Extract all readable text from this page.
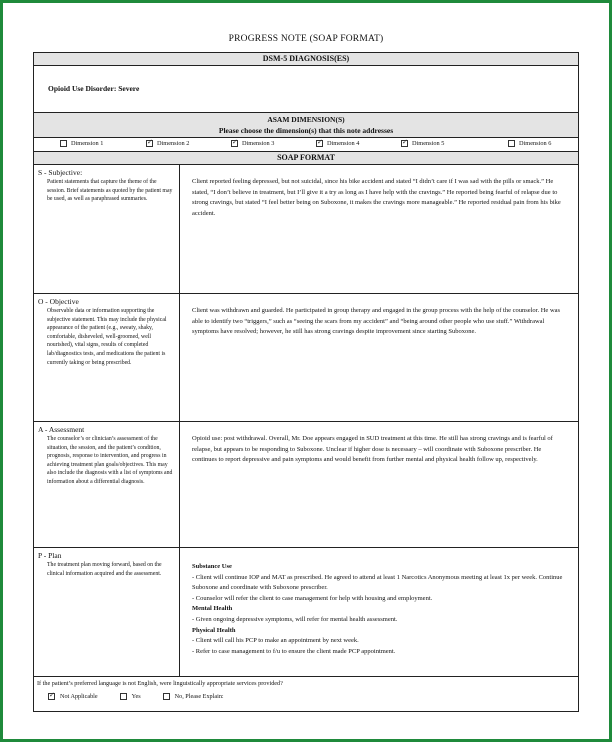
PROGRESS NOTE (SOAP FORMAT)
DSM-5 DIAGNOSIS(ES)
Opioid Use Disorder: Severe
ASAM DIMENSION(S)
Please choose the dimension(s) that this note addresses
Dimension 1 ✓	Dimension 2 ✓	Dimension 3 ✓	Dimension 4 ✓	Dimension 5	Dimension 6
SOAP FORMAT
S - Subjective:
Patient statements that capture the theme of the session. Brief statements as quoted by the patient may be used, as well as paraphrased summaries.
Client reported feeling depressed, but not suicidal, since his bike accident and stated “I didn’t care if I was sad with the pills or smack.” He stated, “I don’t believe in treatment, but I’ll give it a try as long as I have help with the cravings.” He reported being fearful of relapse due to strong cravings, but stated “I feel better being on Suboxone, it makes the cravings more manageable.” He reported residual pain from his bike accident.
O - Objective
Observable data or information supporting the subjective statement. This may include the physical appearance of the patient (e.g., sweaty, shaky, comfortable, disheveled, well-groomed, well nourished), vital signs, results of completed lab/diagnostics tests, and medications the patient is currently taking or being prescribed.
Client was withdrawn and guarded. He participated in group therapy and engaged in the group process with the help of the counselor. He was able to identify two “triggers,” such as “seeing the scars from my accident” and “being around other people who use stuff.” Withdrawal symptoms have resolved; however, he still has strong cravings despite improvement since starting Suboxone.
A - Assessment
The counselor’s or clinician’s assessment of the situation, the session, and the patient’s condition, prognosis, response to intervention, and progress in achieving treatment plan goals/objectives. This may also include the diagnosis with a list of symptoms and information about a differential diagnosis.
Opioid use: post withdrawal. Overall, Mr. Doe appears engaged in SUD treatment at this time. He still has strong cravings and is fearful of relapse, but appears to be responding to Suboxone. Unclear if higher dose is necessary – will coordinate with Suboxone prescriber. He continues to report depressive and pain symptoms and would benefit from further mental and physical health follow up, respectively.
P - Plan
The treatment plan moving forward, based on the clinical information acquired and the assessment.
Substance Use
- Client will continue IOP and MAT as prescribed. He agreed to attend at least 1 Narcotics Anonymous meeting at least 1x per week. Continue Suboxone and coordinate with Suboxone prescriber.
- Counselor will refer the client to case management for help with housing and employment.
Mental Health
- Given ongoing depressive symptoms, will refer for mental health assessment.
Physical Health
- Client will call his PCP to make an appointment by next week.
- Refer to case management to f/u to ensure the client made PCP appointment.
If the patient’s preferred language is not English, were linguistically appropriate services provided?
✓
Not Applicable	Yes	No, Please Explain:
